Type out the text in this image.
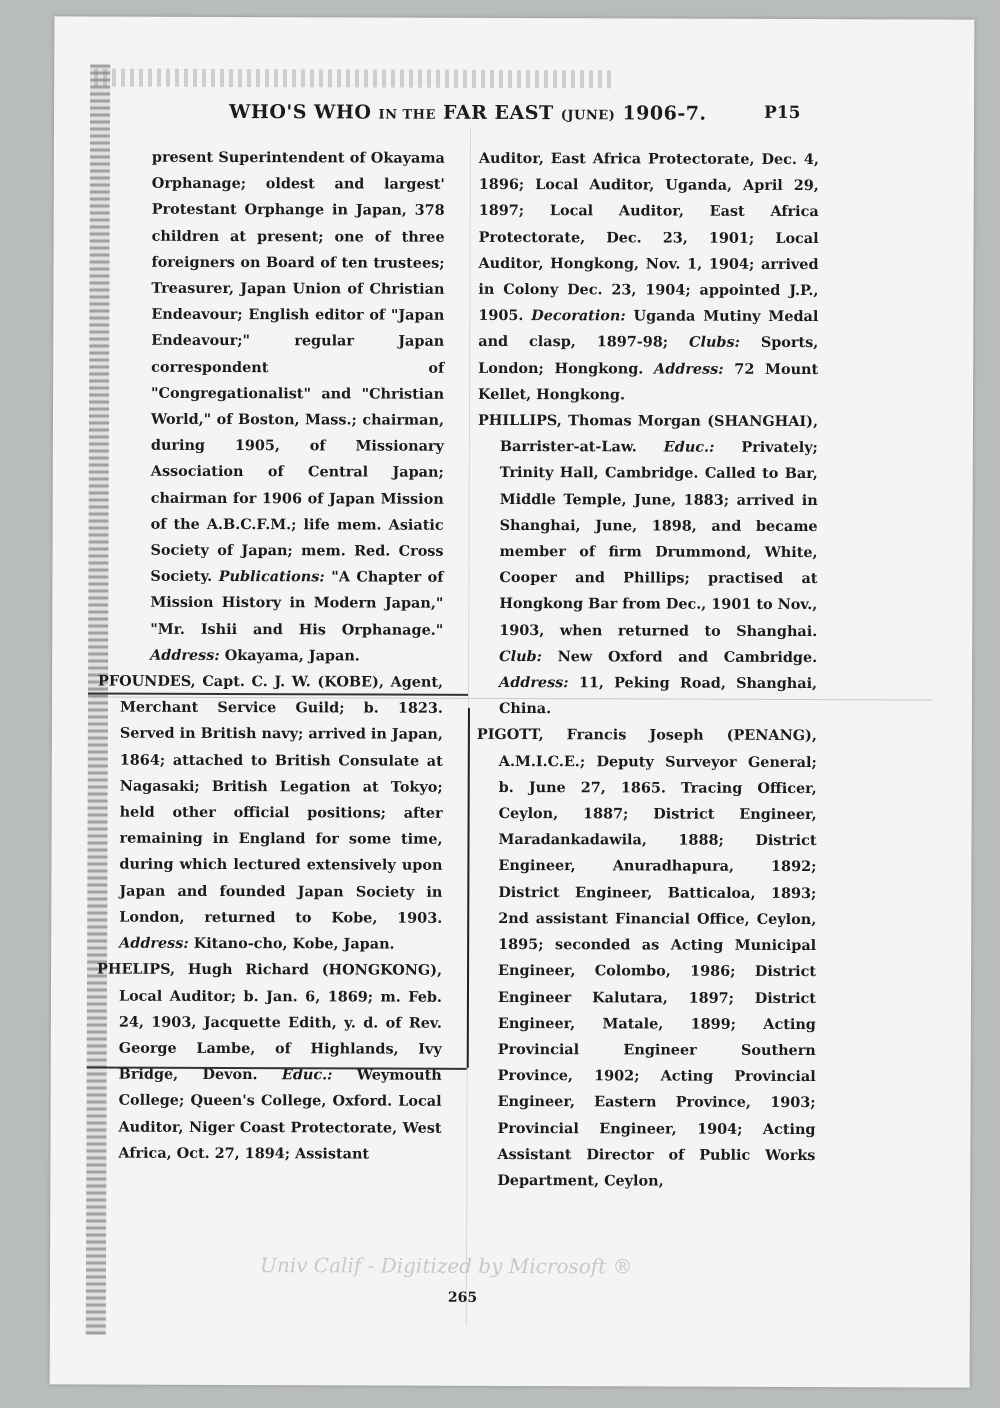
WHO'S WHO IN THE FAR EAST (JUNE) 1906-7.	P15

present Superintendent of Okayama Orphanage; oldest and largest' Protestant Orphange in Japan, 378 children at present; one of three foreigners on Board of ten trustees; Treasurer, Japan Union of Christian Endeavour; English editor of "Japan Endeavour;" regular Japan correspondent of "Congregationalist" and "Christian World," of Boston, Mass.; chairman, during 1905, of Missionary Association of Central Japan; chairman for 1906 of Japan Mission of the A.B.C.F.M.; life mem. Asiatic Society of Japan; mem. Red. Cross Society. Publications: "A Chapter of Mission History in Modern Japan," "Mr. Ishii and His Orphanage." Address: Okayama, Japan.

PFOUNDES, Capt. C. J. W. (KOBE), Agent, Merchant Service Guild; b. 1823. Served in British navy; arrived in Japan, 1864; attached to British Consulate at Nagasaki; British Legation at Tokyo; held other official positions; after remaining in England for some time, during which lectured extensively upon Japan and founded Japan Society in London, returned to Kobe, 1903. Address: Kitano-cho, Kobe, Japan.

PHELIPS, Hugh Richard (HONGKONG), Local Auditor; b. Jan. 6, 1869; m. Feb. 24, 1903, Jacquette Edith, y. d. of Rev. George Lambe, of Highlands, Ivy Bridge, Devon. Educ.: Weymouth College; Queen's College, Oxford. Local Auditor, Niger Coast Protectorate, West Africa, Oct. 27, 1894; Assistant

Auditor, East Africa Protectorate, Dec. 4, 1896; Local Auditor, Uganda, April 29, 1897; Local Auditor, East Africa Protectorate, Dec. 23, 1901; Local Auditor, Hongkong, Nov. 1, 1904; arrived in Colony Dec. 23, 1904; appointed J.P., 1905. Decoration: Uganda Mutiny Medal and clasp, 1897-98; Clubs: Sports, London; Hongkong. Address: 72 Mount Kellet, Hongkong.

PHILLIPS, Thomas Morgan (SHANGHAI), Barrister-at-Law. Educ.: Privately; Trinity Hall, Cambridge. Called to Bar, Middle Temple, June, 1883; arrived in Shanghai, June, 1898, and became member of firm Drummond, White, Cooper and Phillips; practised at Hongkong Bar from Dec., 1901 to Nov., 1903, when returned to Shanghai. Club: New Oxford and Cambridge. Address: 11, Peking Road, Shanghai, China.

PIGOTT, Francis Joseph (PENANG), A.M.I.C.E.; Deputy Surveyor General; b. June 27, 1865. Tracing Officer, Ceylon, 1887; District Engineer, Maradankadawila, 1888; District Engineer, Anuradhapura, 1892; District Engineer, Batticaloa, 1893; 2nd assistant Financial Office, Ceylon, 1895; seconded as Acting Municipal Engineer, Colombo, 1986; District Engineer Kalutara, 1897; District Engineer, Matale, 1899; Acting Provincial Engineer Southern Province, 1902; Acting Provincial Engineer, Eastern Province, 1903; Provincial Engineer, 1904; Acting Assistant Director of Public Works Department, Ceylon,

Univ Calif - Digitized by Microsoft ®
265
